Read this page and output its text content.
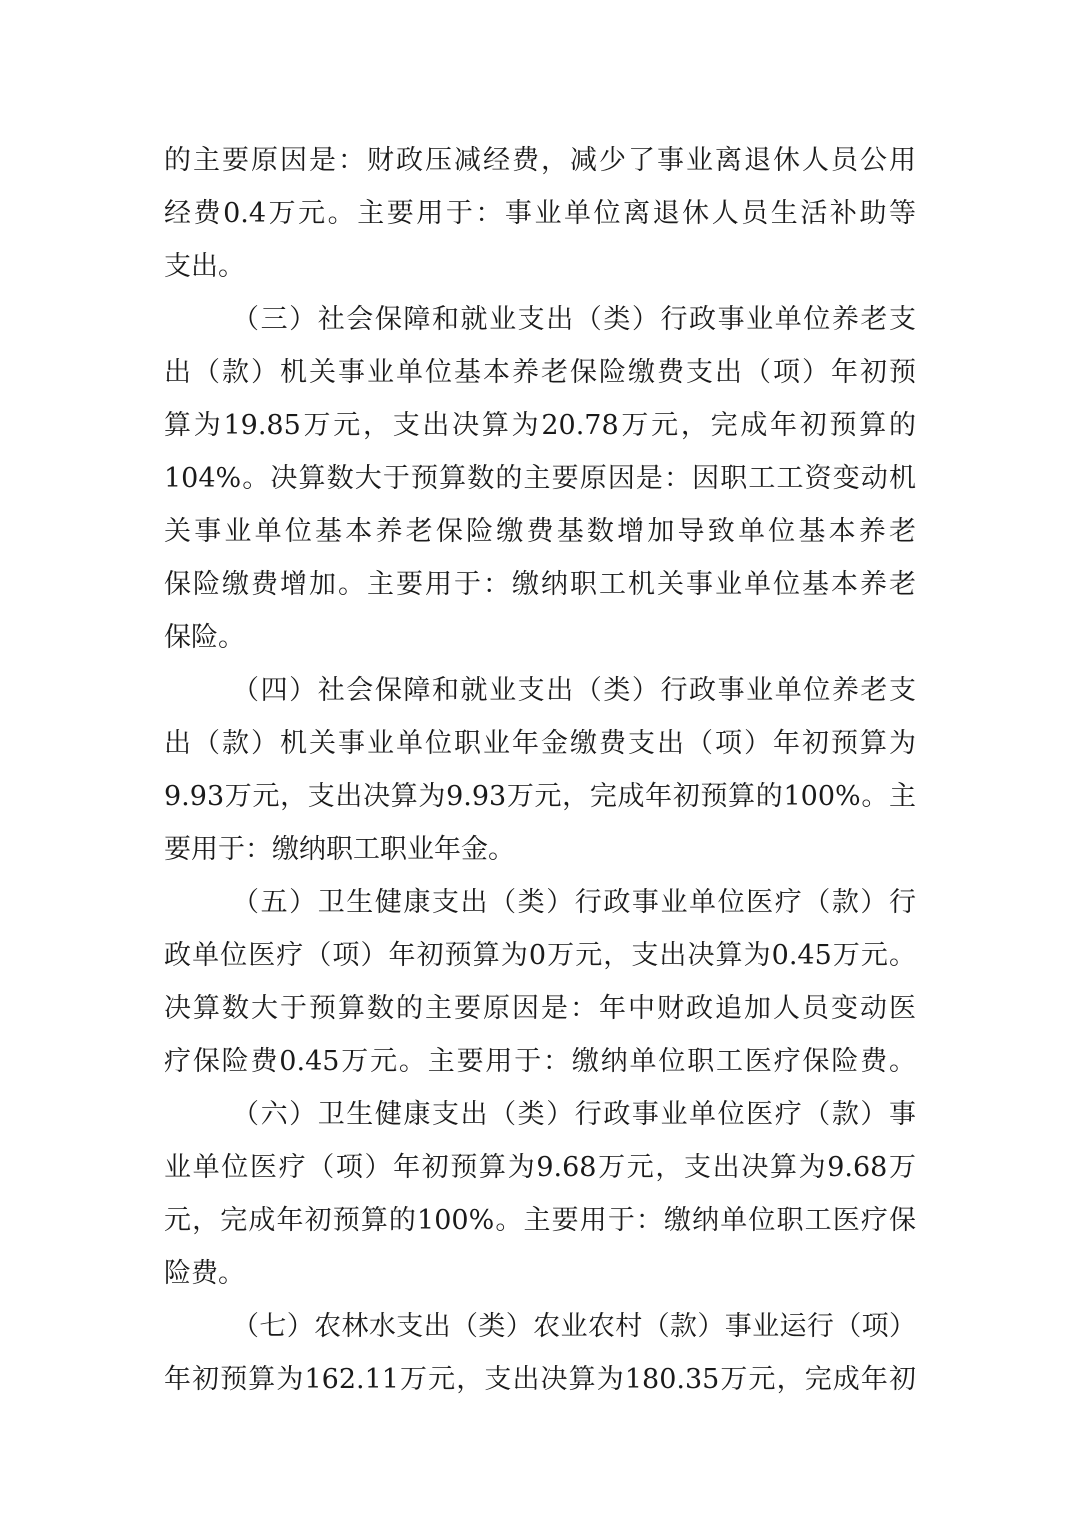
的主要原因是：财政压减经费，减少了事业离退休人员公用
经费0.4万元。主要用于：事业单位离退休人员生活补助等
支出。
（三）社会保障和就业支出（类）行政事业单位养老支
出（款）机关事业单位基本养老保险缴费支出（项）年初预
算为19.85万元，支出决算为20.78万元，完成年初预算的
104%。决算数大于预算数的主要原因是：因职工工资变动机
关事业单位基本养老保险缴费基数增加导致单位基本养老
保险缴费增加。主要用于：缴纳职工机关事业单位基本养老
保险。
（四）社会保障和就业支出（类）行政事业单位养老支
出（款）机关事业单位职业年金缴费支出（项）年初预算为
9.93万元，支出决算为9.93万元，完成年初预算的100%。主
要用于：缴纳职工职业年金。
（五）卫生健康支出（类）行政事业单位医疗（款）行
政单位医疗（项）年初预算为0万元，支出决算为0.45万元。
决算数大于预算数的主要原因是：年中财政追加人员变动医
疗保险费0.45万元。主要用于：缴纳单位职工医疗保险费。
（六）卫生健康支出（类）行政事业单位医疗（款）事
业单位医疗（项）年初预算为9.68万元，支出决算为9.68万
元，完成年初预算的100%。主要用于：缴纳单位职工医疗保
险费。
（七）农林水支出（类）农业农村（款）事业运行（项）
年初预算为162.11万元，支出决算为180.35万元，完成年初
